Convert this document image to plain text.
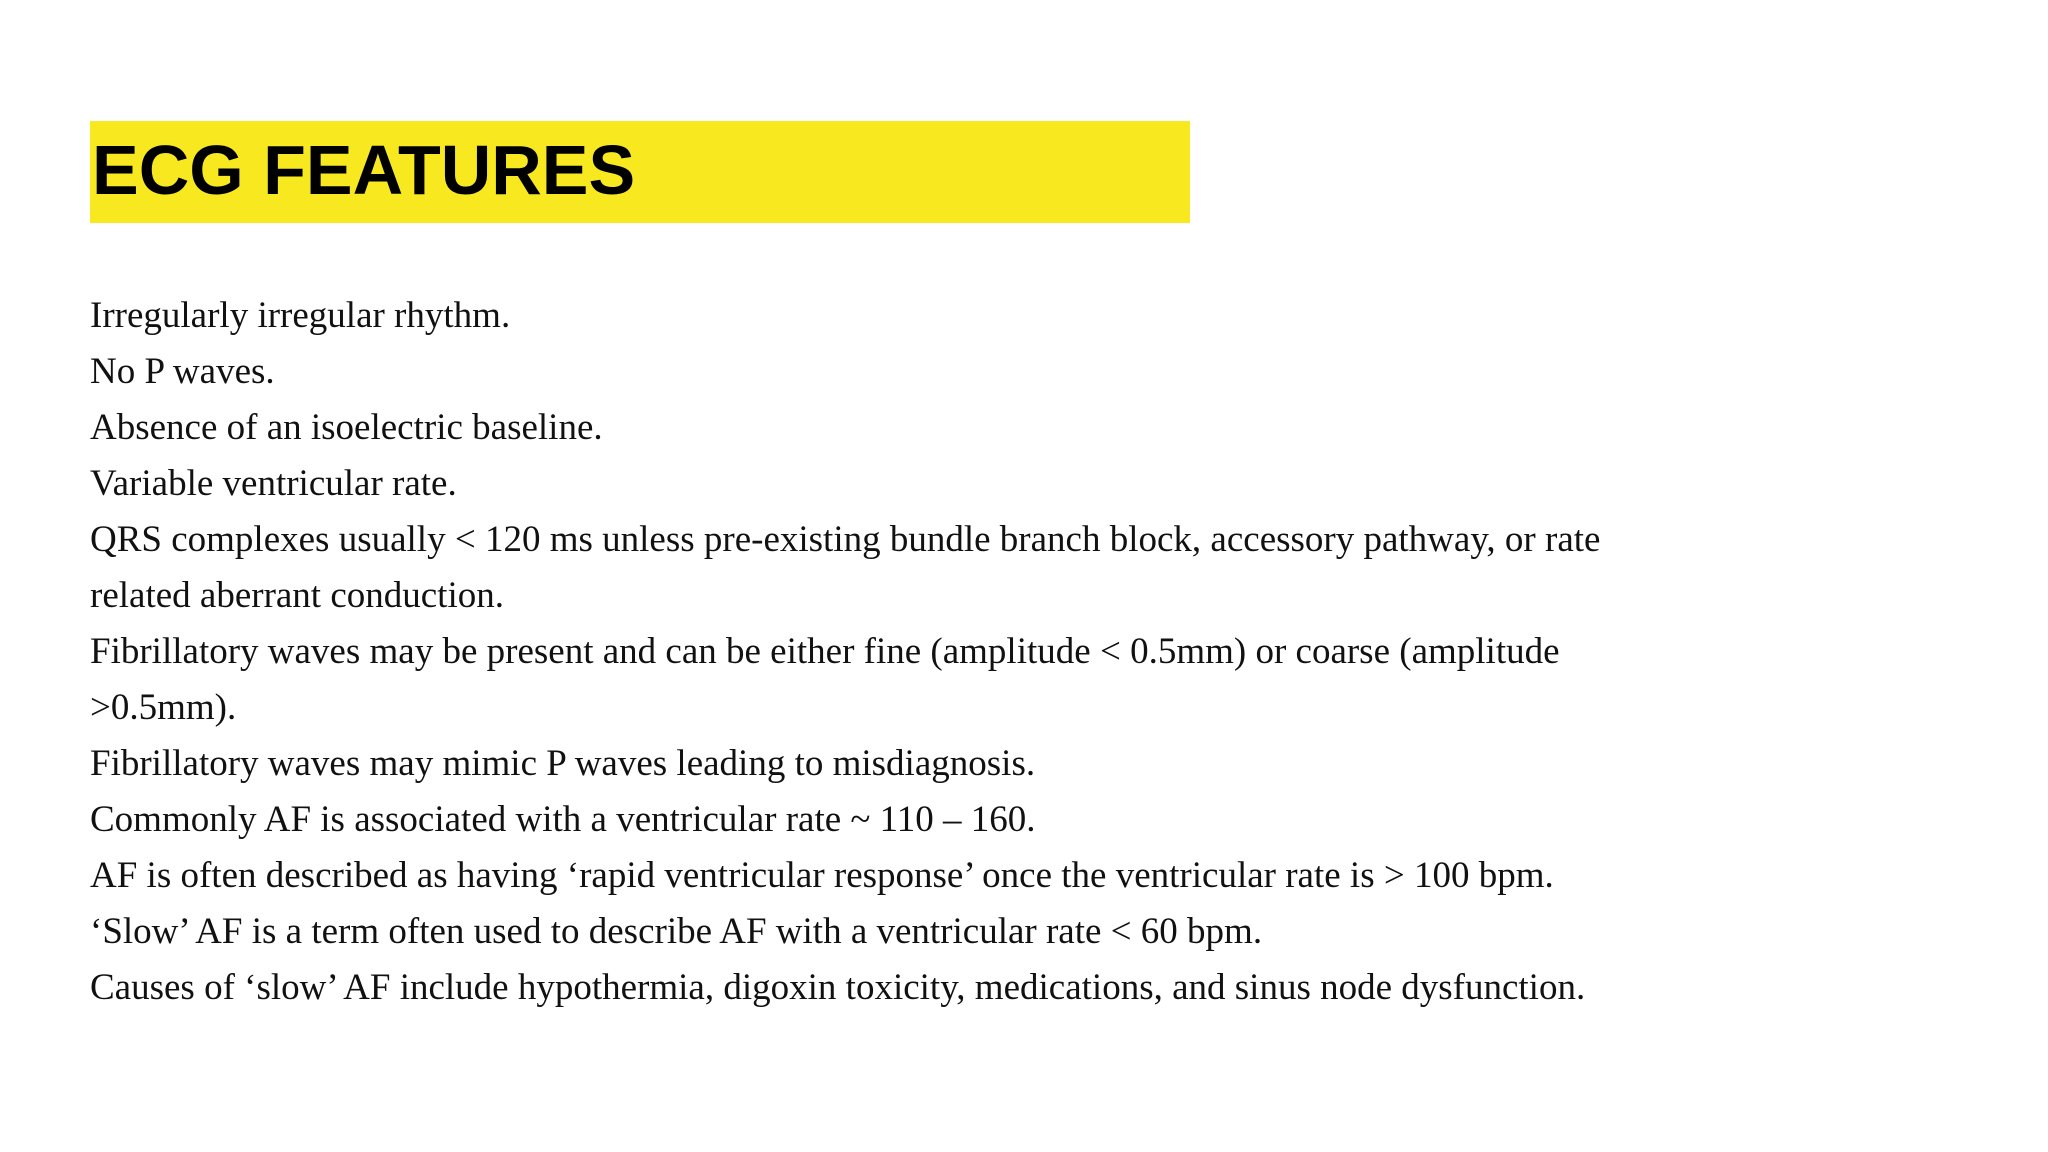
ECG FEATURES
Irregularly irregular rhythm.
No P waves.
Absence of an isoelectric baseline.
Variable ventricular rate.
QRS complexes usually < 120 ms unless pre-existing bundle branch block, accessory pathway, or rate
related aberrant conduction.
Fibrillatory waves may be present and can be either fine (amplitude < 0.5mm) or coarse (amplitude
>0.5mm).
Fibrillatory waves may mimic P waves leading to misdiagnosis.
Commonly AF is associated with a ventricular rate ~ 110 – 160.
AF is often described as having ‘rapid ventricular response’ once the ventricular rate is > 100 bpm.
‘Slow’ AF is a term often used to describe AF with a ventricular rate < 60 bpm.
Causes of ‘slow’ AF include hypothermia, digoxin toxicity, medications, and sinus node dysfunction.
